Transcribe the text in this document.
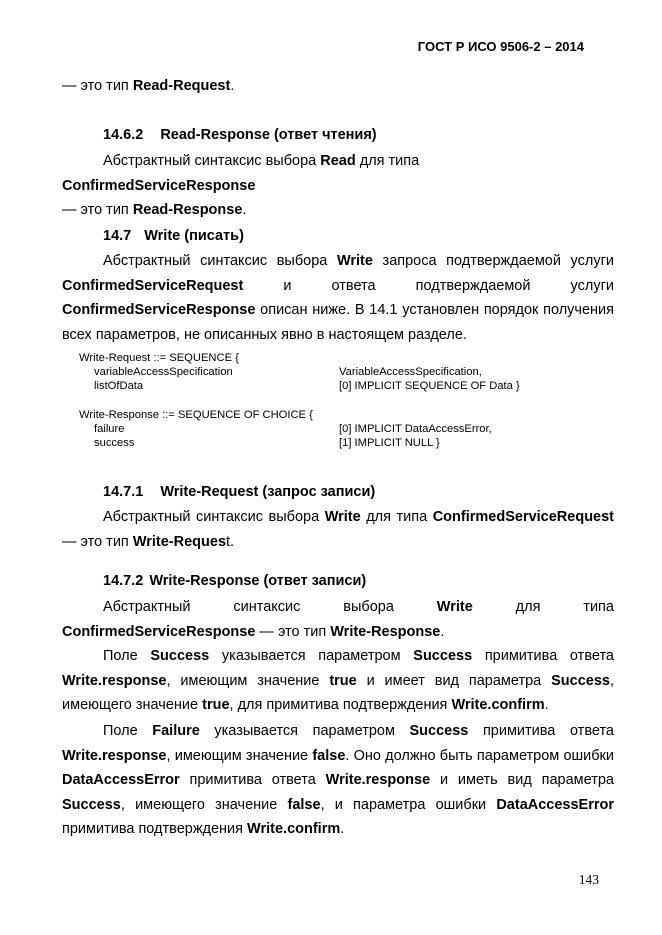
ГОСТ Р ИСО 9506-2 – 2014
— это тип Read-Request.
14.6.2 Read-Response (ответ чтения)
Абстрактный синтаксис выбора Read для типа ConfirmedServiceResponse
— это тип Read-Response.
14.7 Write (писать)
Абстрактный синтаксис выбора Write запроса подтверждаемой услуги
ConfirmedServiceRequest	и	ответа	подтверждаемой	услуги
ConfirmedServiceResponse описан ниже. В 14.1 установлен порядок получения
всех параметров, не описанных явно в настоящем разделе.
Write-Request ::= SEQUENCE {
variableAccessSpecification	VariableAccessSpecification,
listOfData	[0] IMPLICIT SEQUENCE OF Data }
Write-Response ::= SEQUENCE OF CHOICE {
failure	[0] IMPLICIT DataAccessError,
success	[1] IMPLICIT NULL }
14.7.1 Write-Request (запрос записи)
Абстрактный синтаксис выбора Write для типа ConfirmedServiceRequest
— это тип Write-Request.
14.7.2 Write-Response (ответ записи)
Абстрактный	синтаксис	выбора	Write	для	типа
ConfirmedServiceResponse — это тип Write-Response.
Поле Success указывается параметром Success примитива ответа
Write.response, имеющим значение true и имеет вид параметра Success,
имеющего значение true, для примитива подтверждения Write.confirm.
Поле Failure указывается параметром Success примитива ответа
Write.response, имеющим значение false. Оно должно быть параметром ошибки
DataAccessError примитива ответа Write.response и иметь вид параметра
Success, имеющего значение false, и параметра ошибки DataAccessError
примитива подтверждения Write.confirm.
143
